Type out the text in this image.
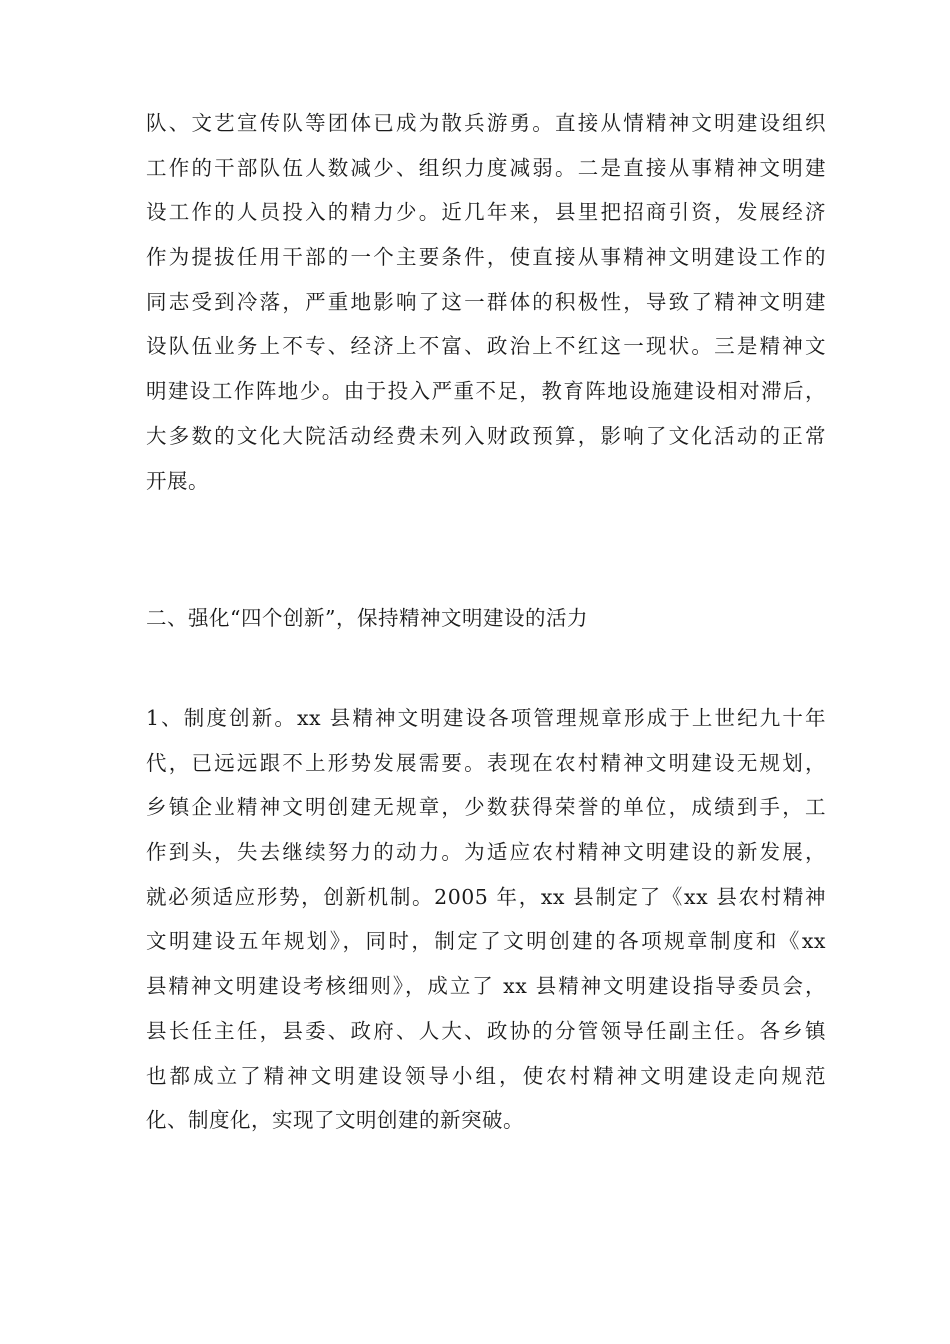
队、文艺宣传队等团体已成为散兵游勇。直接从情精神文明建设组织
工作的干部队伍人数减少、组织力度减弱。二是直接从事精神文明建
设工作的人员投入的精力少。近几年来，县里把招商引资，发展经济
作为提拔任用干部的一个主要条件，使直接从事精神文明建设工作的
同志受到冷落，严重地影响了这一群体的积极性，导致了精神文明建
设队伍业务上不专、经济上不富、政治上不红这一现状。三是精神文
明建设工作阵地少。由于投入严重不足，教育阵地设施建设相对滞后，
大多数的文化大院活动经费未列入财政预算，影响了文化活动的正常
开展。
二、强化“四个创新”，保持精神文明建设的活力
1、制度创新。xx 县精神文明建设各项管理规章形成于上世纪九十年
代，已远远跟不上形势发展需要。表现在农村精神文明建设无规划，
乡镇企业精神文明创建无规章，少数获得荣誉的单位，成绩到手，工
作到头，失去继续努力的动力。为适应农村精神文明建设的新发展，
就必须适应形势，创新机制。2005 年，xx 县制定了《xx 县农村精神
文明建设五年规划》，同时，制定了文明创建的各项规章制度和《xx
县精神文明建设考核细则》，成立了 xx 县精神文明建设指导委员会，
县长任主任，县委、政府、人大、政协的分管领导任副主任。各乡镇
也都成立了精神文明建设领导小组，使农村精神文明建设走向规范
化、制度化，实现了文明创建的新突破。
